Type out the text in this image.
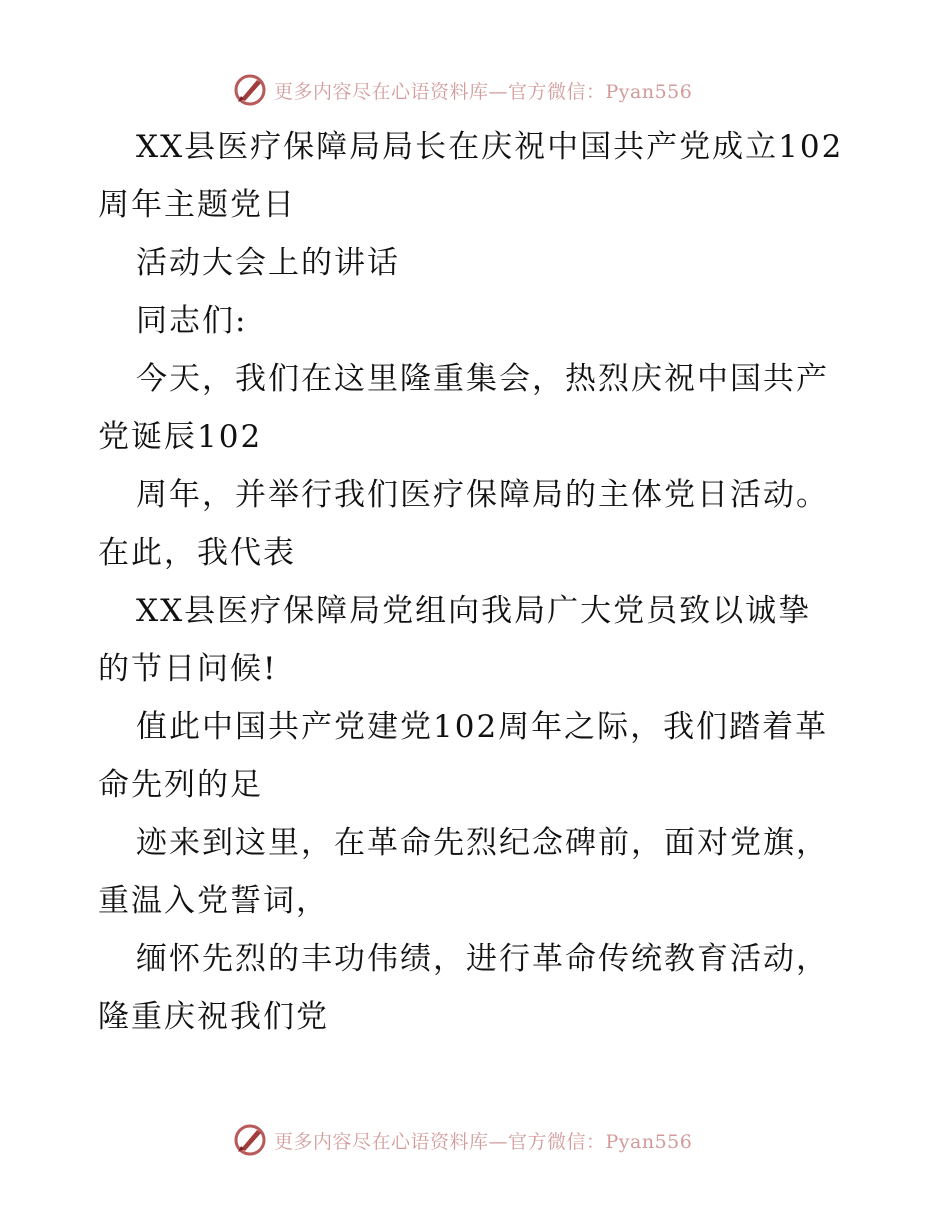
更多内容尽在心语资料库—官方微信：Pyan556
XX县医疗保障局局长在庆祝中国共产党成立102
周年主题党日
活动大会上的讲话
同志们:
今天，我们在这里隆重集会，热烈庆祝中国共产
党诞辰102
周年，并举行我们医疗保障局的主体党日活动。
在此，我代表
XX县医疗保障局党组向我局广大党员致以诚挚
的节日问候!
值此中国共产党建党102周年之际，我们踏着革
命先列的足
迹来到这里，在革命先烈纪念碑前，面对党旗，
重温入党誓词，
缅怀先烈的丰功伟绩，进行革命传统教育活动，
隆重庆祝我们党
更多内容尽在心语资料库—官方微信：Pyan556
